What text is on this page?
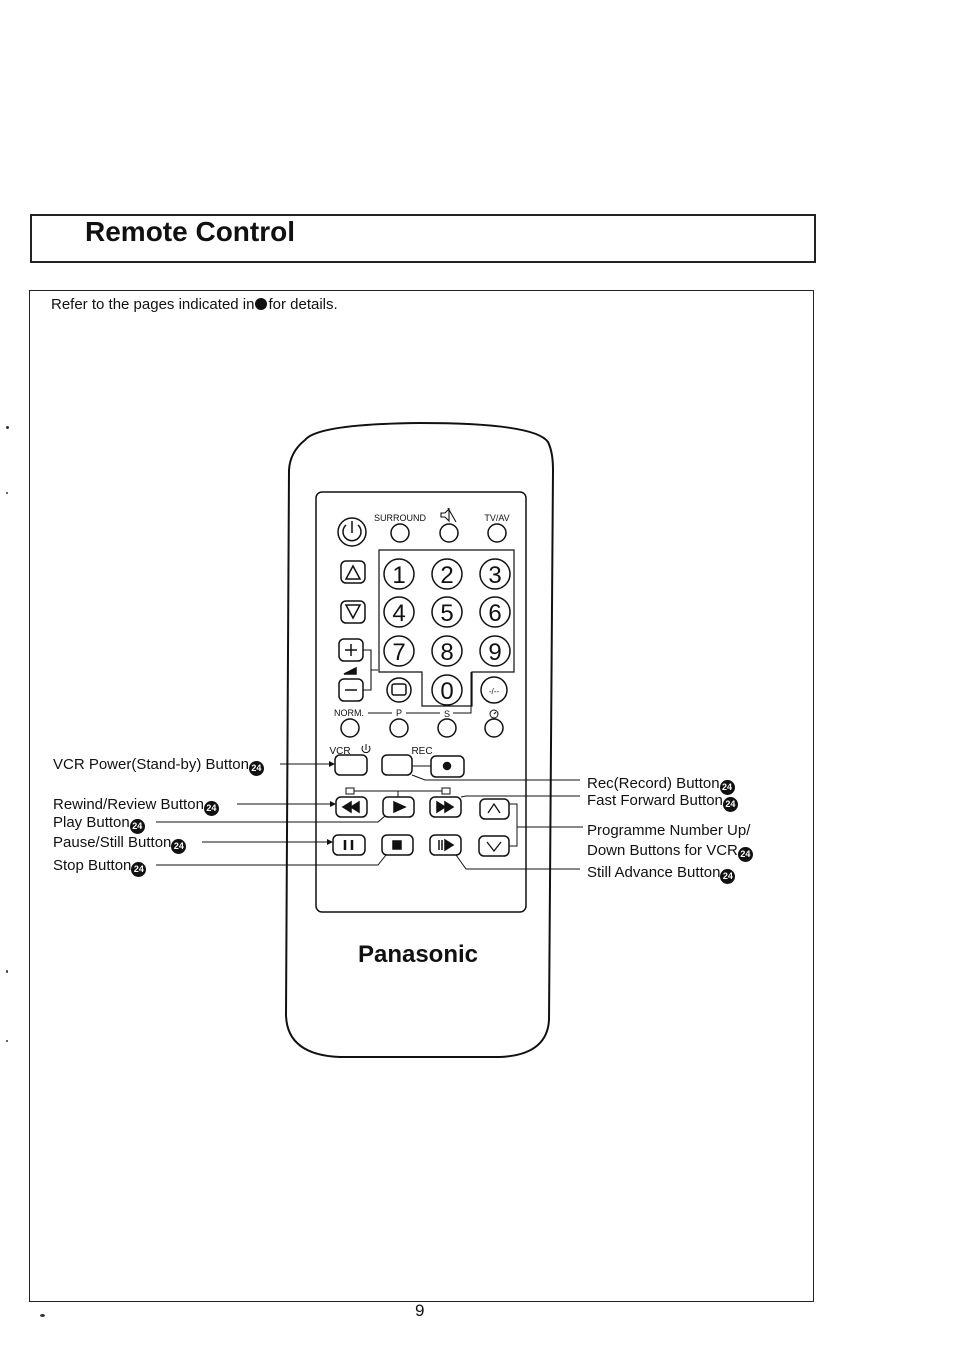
Remote Control
Refer to the pages indicated in for details.
SURROUND	TV/AV
1 2 3
4 5 6
7 8 9
0	-/--
NORM.	P	S
VCR	REC
Panasonic
VCR Power(Stand-by) Button 24
Rewind/Review Button 24
Play Button 24
Pause/Still Button 24
Stop Button 24
Rec(Record) Button 24
Fast Forward Button 24
Programme Number Up/
Down Buttons for VCR 24
Still Advance Button 24
9
